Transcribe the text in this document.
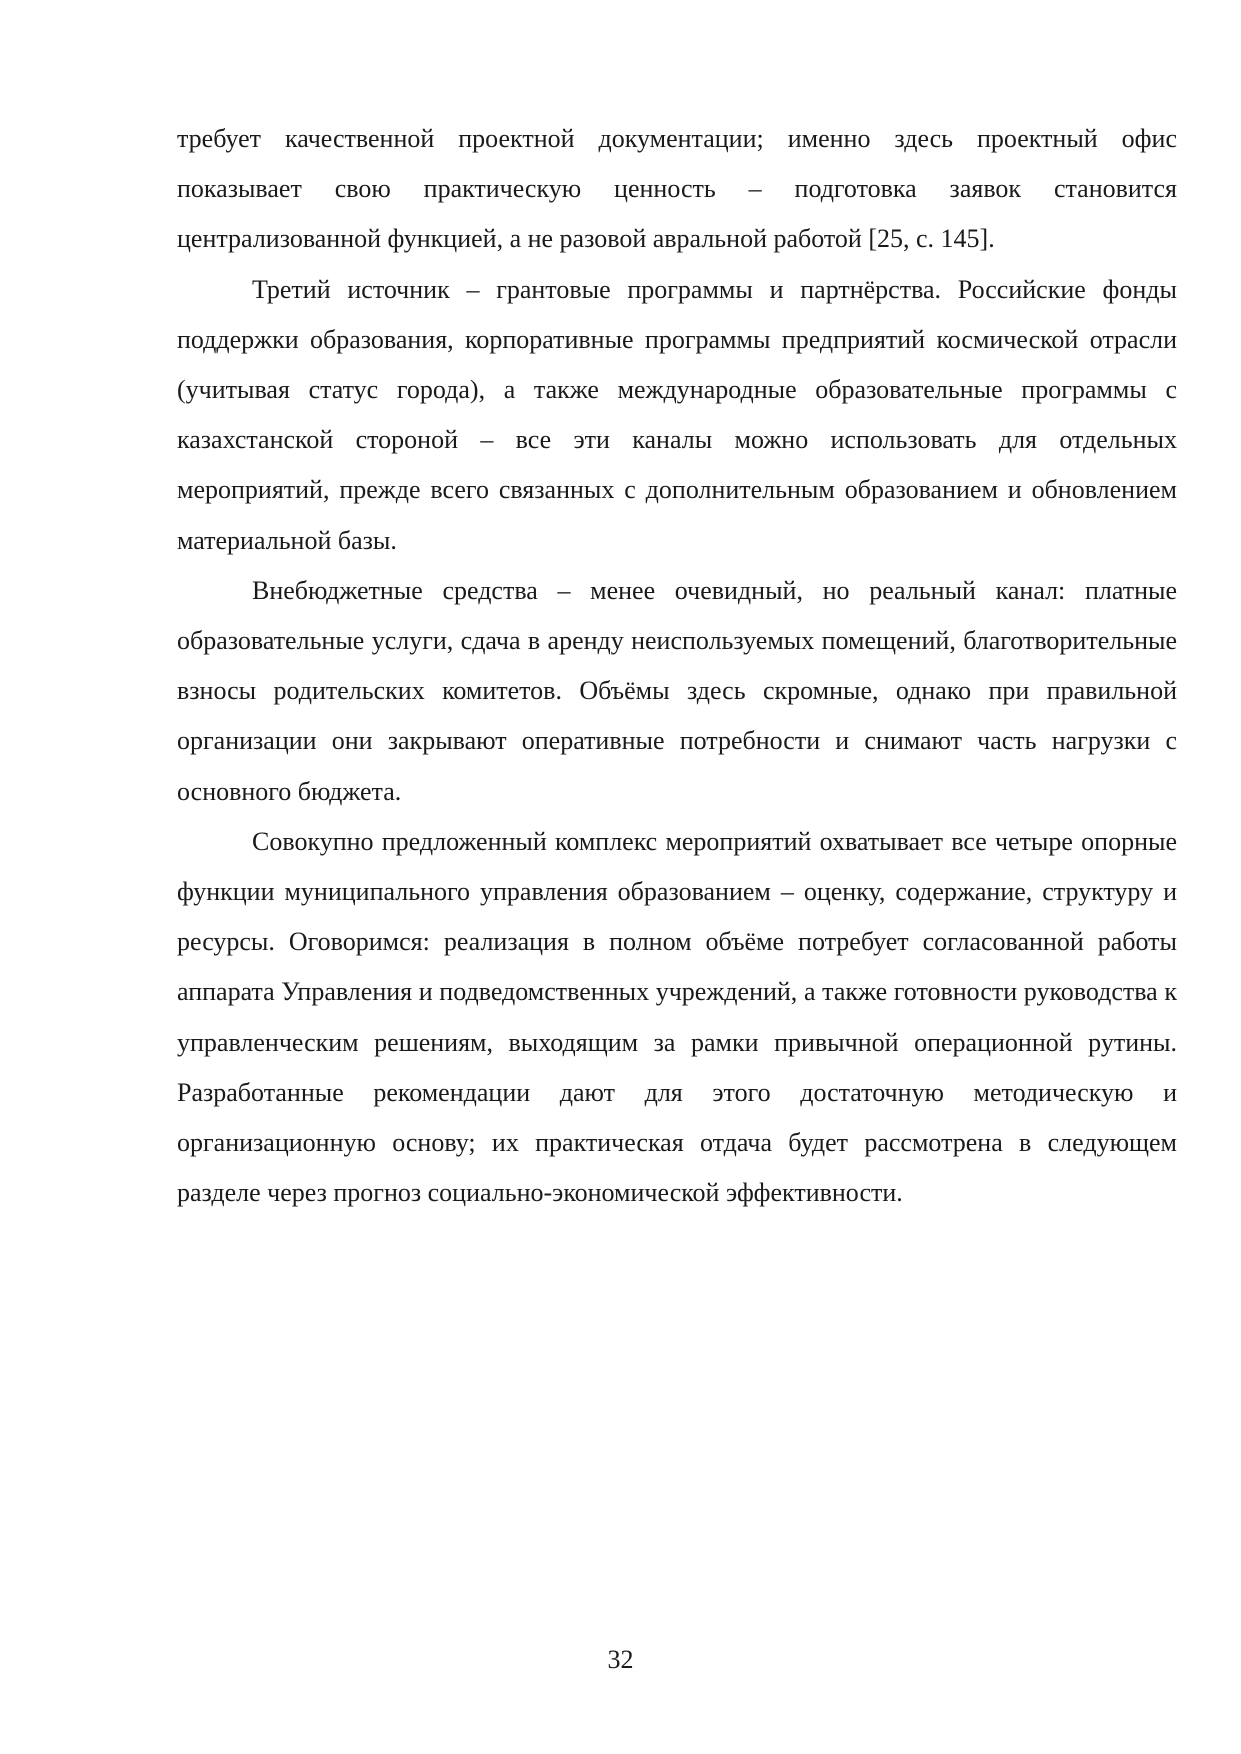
требует качественной проектной документации; именно здесь проектный офис показывает свою практическую ценность – подготовка заявок становится централизованной функцией, а не разовой авральной работой [25, с. 145].

Третий источник – грантовые программы и партнёрства. Российские фонды поддержки образования, корпоративные программы предприятий космической отрасли (учитывая статус города), а также международные образовательные программы с казахстанской стороной – все эти каналы можно использовать для отдельных мероприятий, прежде всего связанных с дополнительным образованием и обновлением материальной базы.

Внебюджетные средства – менее очевидный, но реальный канал: платные образовательные услуги, сдача в аренду неиспользуемых помещений, благотворительные взносы родительских комитетов. Объёмы здесь скромные, однако при правильной организации они закрывают оперативные потребности и снимают часть нагрузки с основного бюджета.

Совокупно предложенный комплекс мероприятий охватывает все четыре опорные функции муниципального управления образованием – оценку, содержание, структуру и ресурсы. Оговоримся: реализация в полном объёме потребует согласованной работы аппарата Управления и подведомственных учреждений, а также готовности руководства к управленческим решениям, выходящим за рамки привычной операционной рутины. Разработанные рекомендации дают для этого достаточную методическую и организационную основу; их практическая отдача будет рассмотрена в следующем разделе через прогноз социально-экономической эффективности.

32
